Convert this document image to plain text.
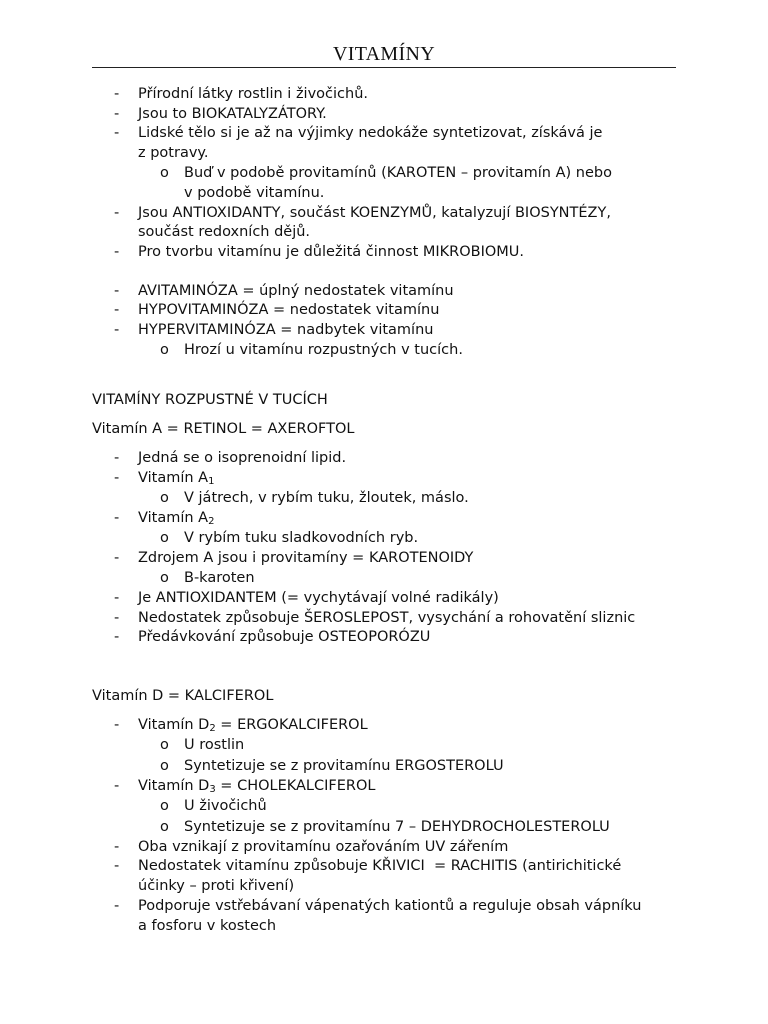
VITAMÍNY
- Přírodní látky rostlin i živočichů.
- Jsou to BIOKATALYZÁTORY.
- Lidské tělo si je až na výjimky nedokáže syntetizovat, získává je
z potravy.
o Buď v podobě provitamínů (KAROTEN – provitamín A) nebo
v podobě vitamínu.
- Jsou ANTIOXIDANTY, součást KOENZYMŮ, katalyzují BIOSYNTÉZY,
součást redoxních dějů.
- Pro tvorbu vitamínu je důležitá činnost MIKROBIOMU.
- AVITAMINÓZA = úplný nedostatek vitamínu
- HYPOVITAMINÓZA = nedostatek vitamínu
- HYPERVITAMINÓZA = nadbytek vitamínu
o Hrozí u vitamínu rozpustných v tucích.
VITAMÍNY ROZPUSTNÉ V TUCÍCH
Vitamín A = RETINOL = AXEROFTOL
- Jedná se o isoprenoidní lipid.
- Vitamín $A_1$
o V játrech, v rybím tuku, žloutek, máslo.
- Vitamín $A_2$
o V rybím tuku sladkovodních ryb.
- Zdrojem A jsou i provitamíny = KAROTENOIDY
o B-karoten
- Je ANTIOXIDANTEM (= vychytávají volné radikály)
- Nedostatek způsobuje ŠEROSLEPOST, vysychání a rohovatění sliznic
- Předávkování způsobuje OSTEOPORÓZU
Vitamín D = KALCIFEROL
- Vitamín $D_2$ = ERGOKALCIFEROL
o U rostlin
o Syntetizuje se z provitamínu ERGOSTEROLU
- Vitamín $D_3$ = CHOLEKALCIFEROL
o U živočichů
o Syntetizuje se z provitamínu 7 – DEHYDROCHOLESTEROLU
- Oba vznikají z provitamínu ozařováním UV zářením
- Nedostatek vitamínu způsobuje KŘIVICI  = RACHITIS (antirichitické
účinky – proti křivení)
- Podporuje vstřebávaní vápenatých kationtů a reguluje obsah vápníku
a fosforu v kostech
